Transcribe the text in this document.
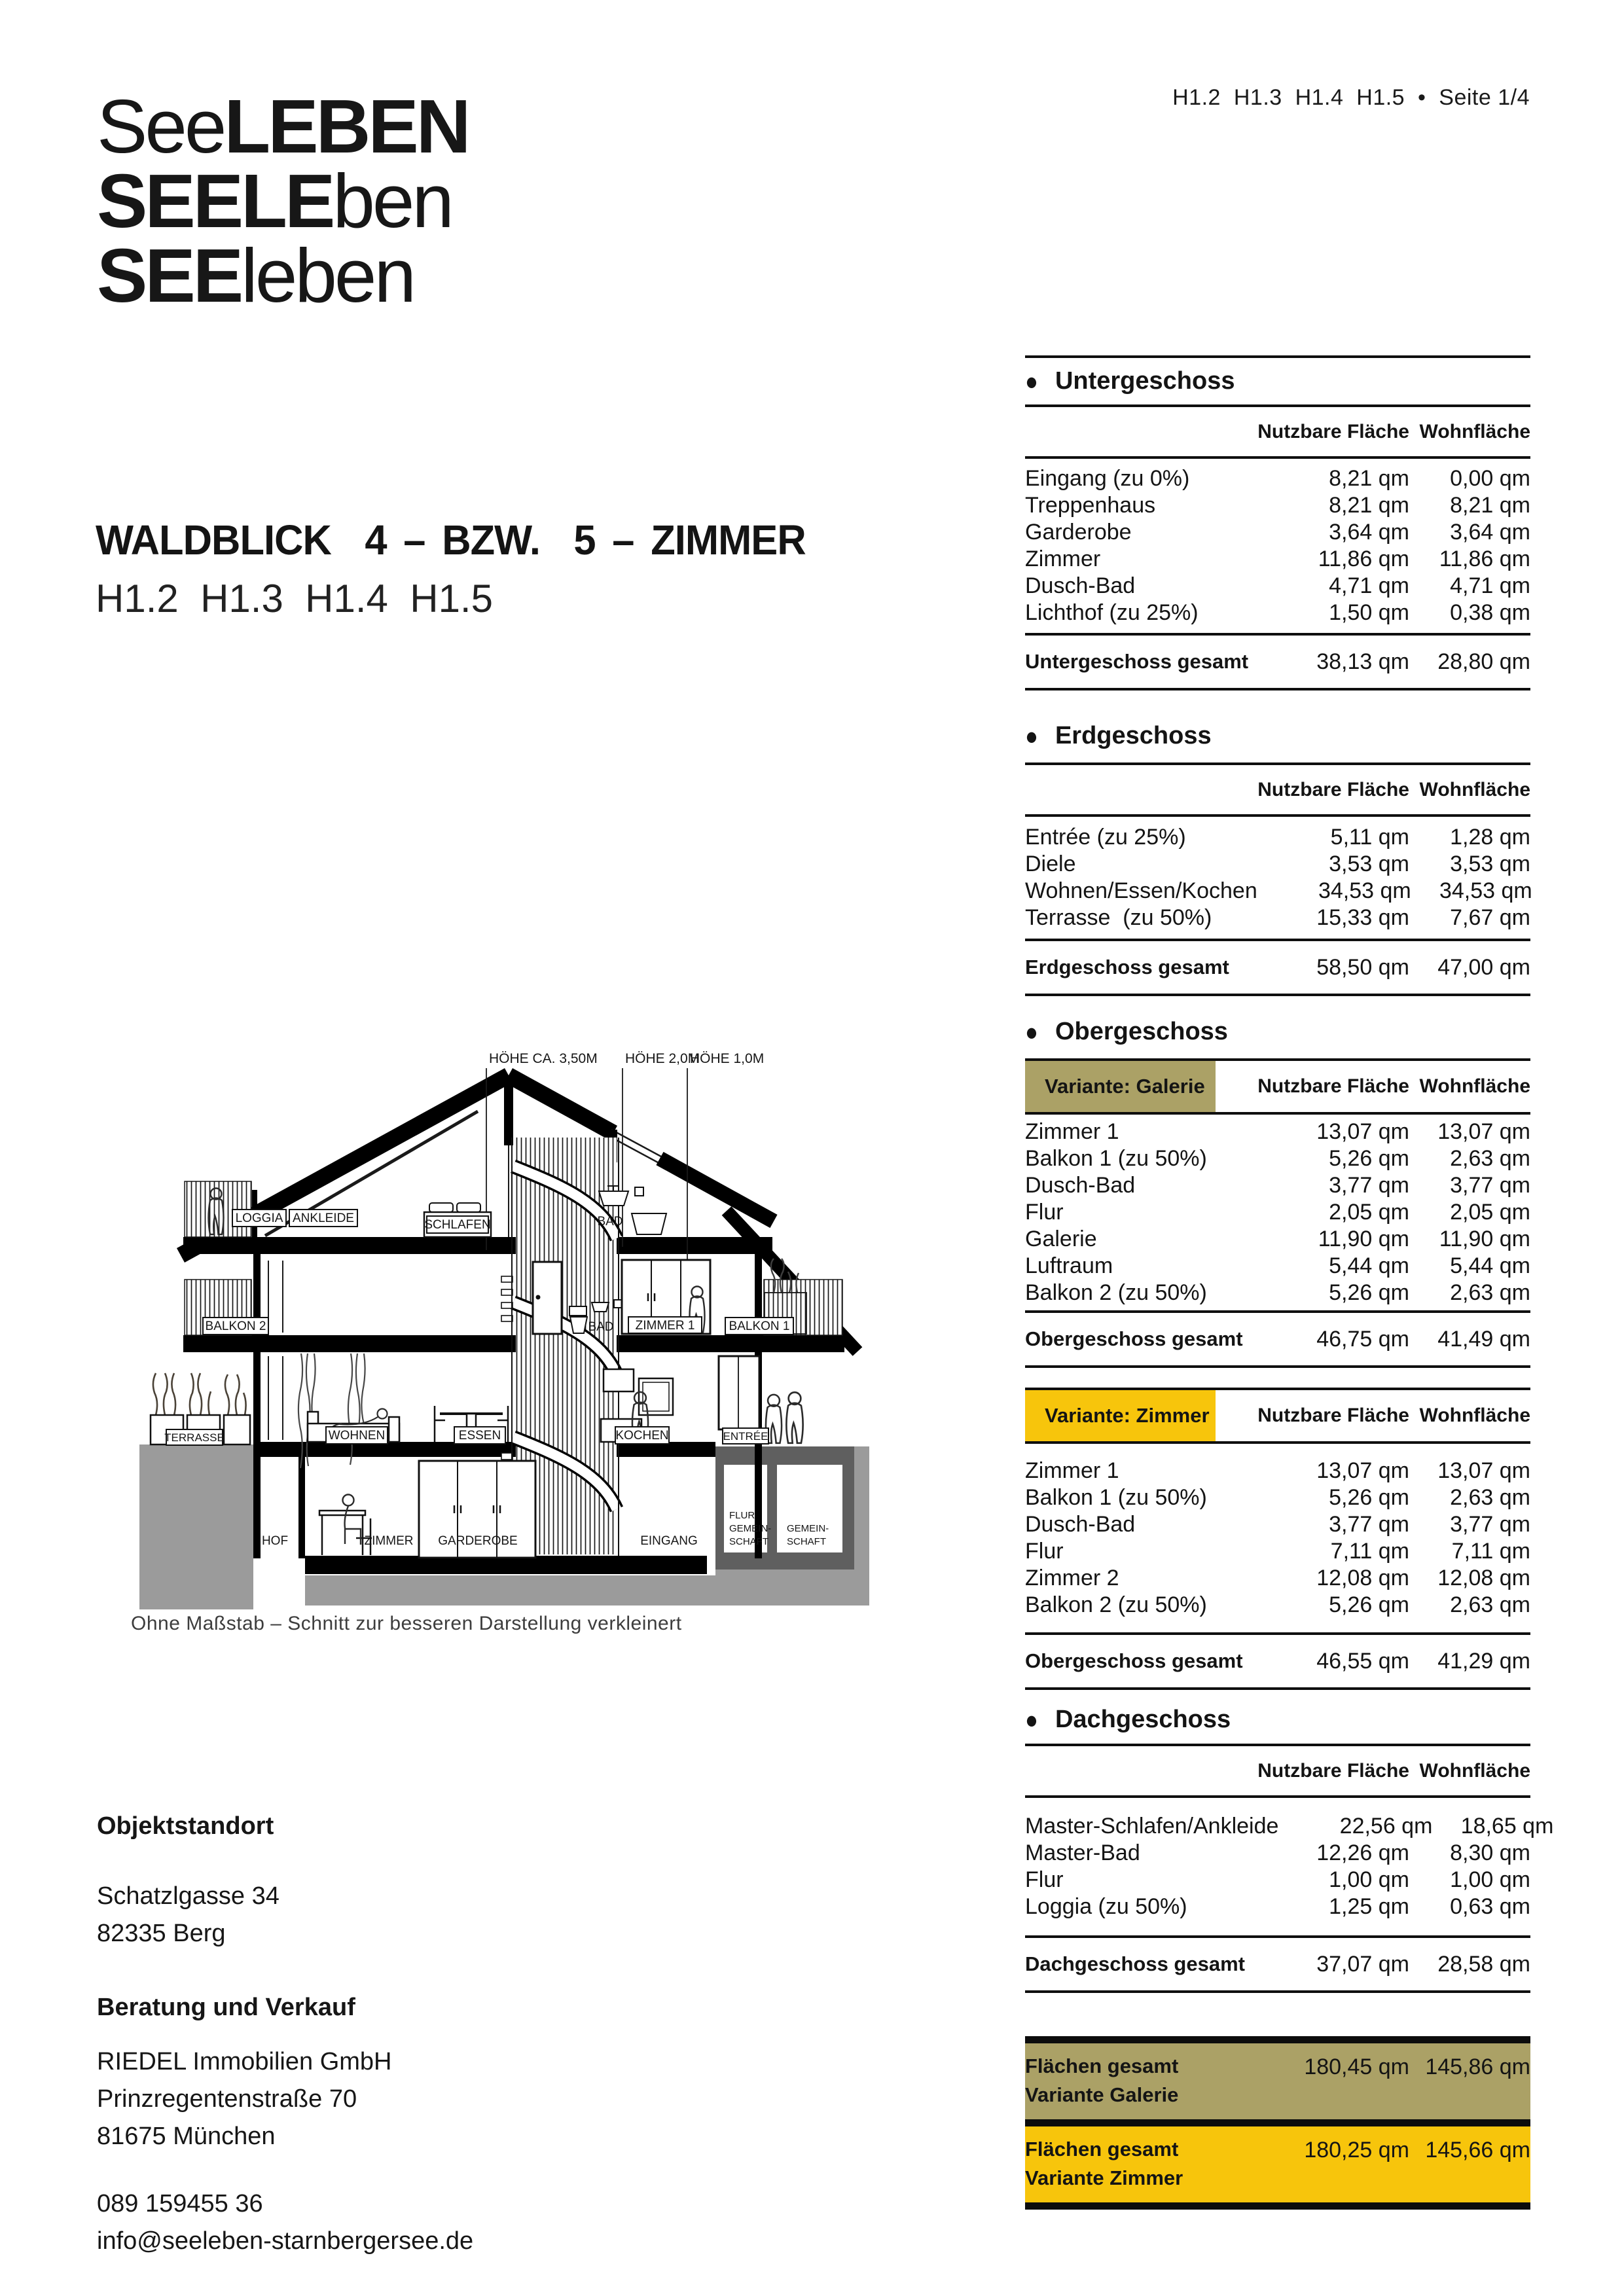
SeeLEBEN
SEELEben
SEEleben
H1.2  H1.3  H1.4  H1.5  •  Seite 1/4
WALDBLICK  4 – BZW.  5 – ZIMMER
H1.2  H1.3  H1.4  H1.5
HÖHE CA. 3,50M HÖHE 2,0M
HÖHE 1,0M
LOGGIA ANKLEIDE	SCHLAFEN	BAD
BALKON 2	BAD ZIMMER 1	BALKON 1
TERRASSE	WOHNEN	ESSEN	KOCHEN	ENTRÉE
HOF	ZIMMER GARDEROBE	EINGANG
FLUR
GEMEIN-
SCHAFT
GEMEIN-
SCHAFT
Ohne Maßstab – Schnitt zur besseren Darstellung verkleinert
Objektstandort
Schatzlgasse 34
82335 Berg
Beratung und Verkauf
RIEDEL Immobilien GmbH
Prinzregentenstraße 70
81675 München
089 159455 36
info@seeleben-starnbergersee.de
● Untergeschoss
Nutzbare Fläche Wohnfläche
Eingang (zu 0%)	8,21 qm	0,00 qm
Treppenhaus	8,21 qm	8,21 qm
Garderobe	3,64 qm	3,64 qm
Zimmer	11,86 qm	11,86 qm
Dusch-Bad	4,71 qm	4,71 qm
Lichthof (zu 25%)	1,50 qm	0,38 qm
Untergeschoss gesamt	38,13 qm	28,80 qm
● Erdgeschoss
Nutzbare Fläche Wohnfläche
Entrée (zu 25%)	5,11 qm	1,28 qm
Diele	3,53 qm	3,53 qm
Wohnen/Essen/Kochen	34,53 qm	34,53 qm
Terrasse  (zu 50%)	15,33 qm	7,67 qm
Erdgeschoss gesamt	58,50 qm	47,00 qm
● Obergeschoss
Variante: Galerie	Nutzbare Fläche Wohnfläche
Zimmer 1	13,07 qm	13,07 qm
Balkon 1 (zu 50%)	5,26 qm	2,63 qm
Dusch-Bad	3,77 qm	3,77 qm
Flur	2,05 qm	2,05 qm
Galerie	11,90 qm	11,90 qm
Luftraum	5,44 qm	5,44 qm
Balkon 2 (zu 50%)	5,26 qm	2,63 qm
Obergeschoss gesamt	46,75 qm	41,49 qm
Variante: Zimmer	Nutzbare Fläche Wohnfläche
Zimmer 1	13,07 qm	13,07 qm
Balkon 1 (zu 50%)	5,26 qm	2,63 qm
Dusch-Bad	3,77 qm	3,77 qm
Flur	7,11 qm	7,11 qm
Zimmer 2	12,08 qm	12,08 qm
Balkon 2 (zu 50%)	5,26 qm	2,63 qm
Obergeschoss gesamt	46,55 qm	41,29 qm
● Dachgeschoss
Nutzbare Fläche Wohnfläche
Master-Schlafen/Ankleide	22,56 qm	18,65 qm
Master-Bad	12,26 qm	8,30 qm
Flur	1,00 qm	1,00 qm
Loggia (zu 50%)	1,25 qm	0,63 qm
Dachgeschoss gesamt	37,07 qm	28,58 qm
Flächen gesamt
Variante Galerie
180,45 qm 145,86 qm
Flächen gesamt
Variante Zimmer
180,25 qm 145,66 qm
